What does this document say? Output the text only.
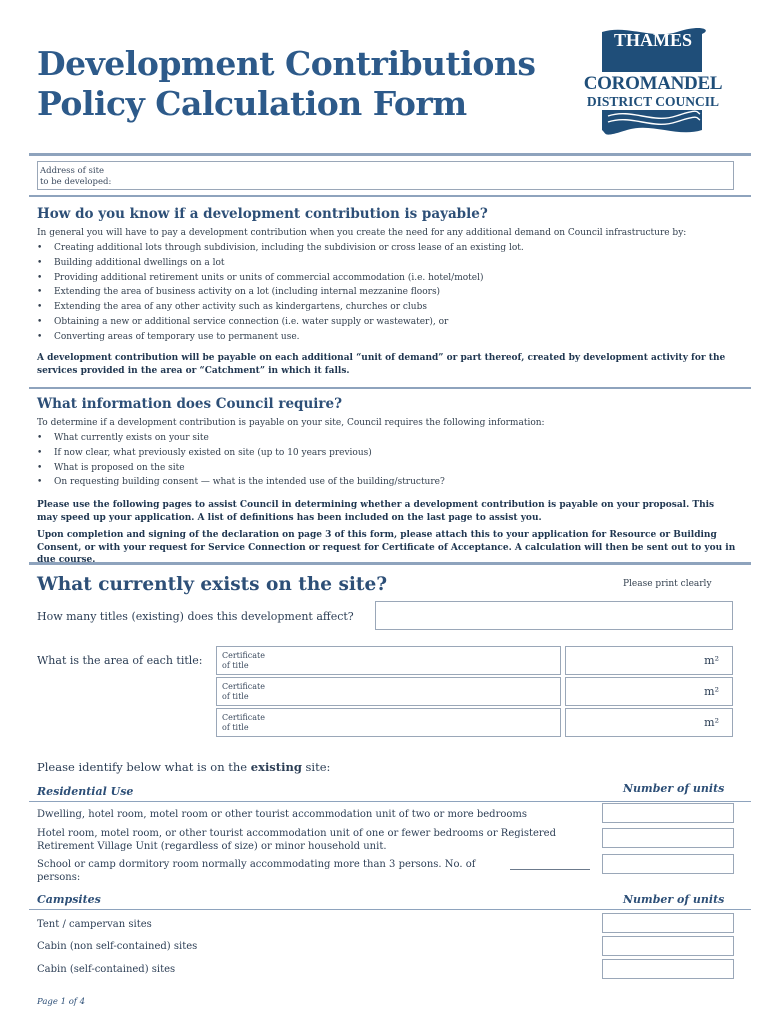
Development Contributions
Policy Calculation Form
THAMES
COROMANDEL
DISTRICT COUNCIL
Address of site
to be developed:
How do you know if a development contribution is payable?
In general you will have to pay a development contribution when you create the need for any additional demand on Council infrastructure by:
• Creating additional lots through subdivision, including the subdivision or cross lease of an existing lot.
• Building additional dwellings on a lot
• Providing additional retirement units or units of commercial accommodation (i.e. hotel/motel)
• Extending the area of business activity on a lot (including internal mezzanine floors)
• Extending the area of any other activity such as kindergartens, churches or clubs
• Obtaining a new or additional service connection (i.e. water supply or wastewater), or
• Converting areas of temporary use to permanent use.
A development contribution will be payable on each additional “unit of demand” or part thereof, created by development activity for the services provided in the area or “Catchment” in which it falls.
What information does Council require?
To determine if a development contribution is payable on your site, Council requires the following information:
• What currently exists on your site
• If now clear, what previously existed on site (up to 10 years previous)
• What is proposed on the site
• On requesting building consent — what is the intended use of the building/structure?
Please use the following pages to assist Council in determining whether a development contribution is payable on your proposal. This may speed up your application. A list of definitions has been included on the last page to assist you.
Upon completion and signing of the declaration on page 3 of this form, please attach this to your application for Resource or Building Consent, or with your request for Service Connection or request for Certificate of Acceptance. A calculation will then be sent out to you in due course.
What currently exists on the site?	Please print clearly
How many titles (existing) does this development affect?
What is the area of each title: Certificate
of title	m²
Certificate
of title	m²
Certificate
of title	m²
Please identify below what is on the existing site:
Residential Use	Number of units
Dwelling, hotel room, motel room or other tourist accommodation unit of two or more bedrooms
Hotel room, motel room, or other tourist accommodation unit of one or fewer bedrooms or Registered Retirement Village Unit (regardless of size) or minor household unit.
School or camp dormitory room normally accommodating more than 3 persons. No. of persons:
Campsites	Number of units
Tent / campervan sites
Cabin (non self-contained) sites
Cabin (self-contained) sites
Page 1 of 4
